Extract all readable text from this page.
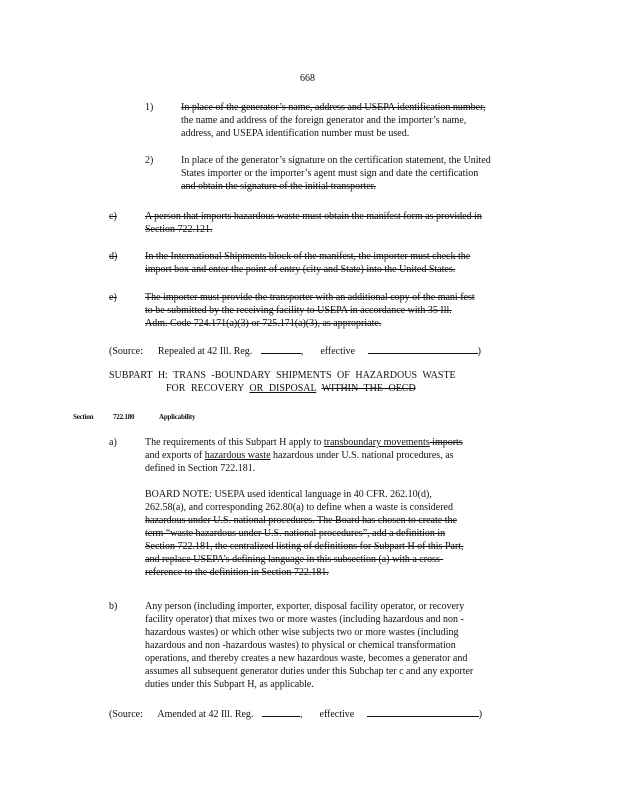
668
1)	In place of the generator’s name, address and USEPA identification number,
the name and address of the foreign generator and the importer’s name,
address, and USEPA identification number must be used.
2)	In place of the generator’s signature on the certification statement, the United
States importer or the importer’s agent must sign and date the certification
and obtain the signature of the initial transporter.
c)	A person that imports hazardous waste must obtain the manifest form as provided in
Section 722.121.
d)	In the International Shipments block of the manifest, the importer must check the
import box and enter the point of entry (city and State) into the United States.
e)	The importer must provide the transporter with an additional copy of the mani fest
to be submitted by the receiving facility to USEPA in accordance with 35 Ill.
Adm. Code 724.171(a)(3) or 725.171(a)(3), as appropriate.
(Source: Repealed at 42 Ill. Reg.	,  effective	)
SUBPART H: TRANS -BOUNDARY SHIPMENTS OF HAZARDOUS WASTE
FOR RECOVERY OR DISPOSAL WITHIN THE OECD
Section	722.180	Applicability
a)	The requirements of this Subpart H apply to transboundary movements imports
and exports of hazardous waste hazardous under U.S. national procedures, as
defined in Section 722.181.
BOARD NOTE: USEPA used identical language in 40 CFR. 262.10(d),
262.58(a), and corresponding 262.80(a) to define when a waste is considered
hazardous under U.S. national procedures. The Board has chosen to create the
term “waste hazardous under U.S. national procedures”, add a definition in
Section 722.181, the centralized listing of definitions for Subpart H of this Part,
and replace USEPA’s defining language in this subsection (a) with a cross-
reference to the definition in Section 722.181.
b)	Any person (including importer, exporter, disposal facility operator, or recovery
facility operator) that mixes two or more wastes (including hazardous and non -
hazardous wastes) or which other wise subjects two or more wastes (including
hazardous and non -hazardous wastes) to physical or chemical transformation
operations, and thereby creates a new hazardous waste, becomes a generator and
assumes all subsequent generator duties under this Subchap ter c and any exporter
duties under this Subpart H, as applicable.
(Source: Amended at 42 Ill. Reg.	,  effective	)
